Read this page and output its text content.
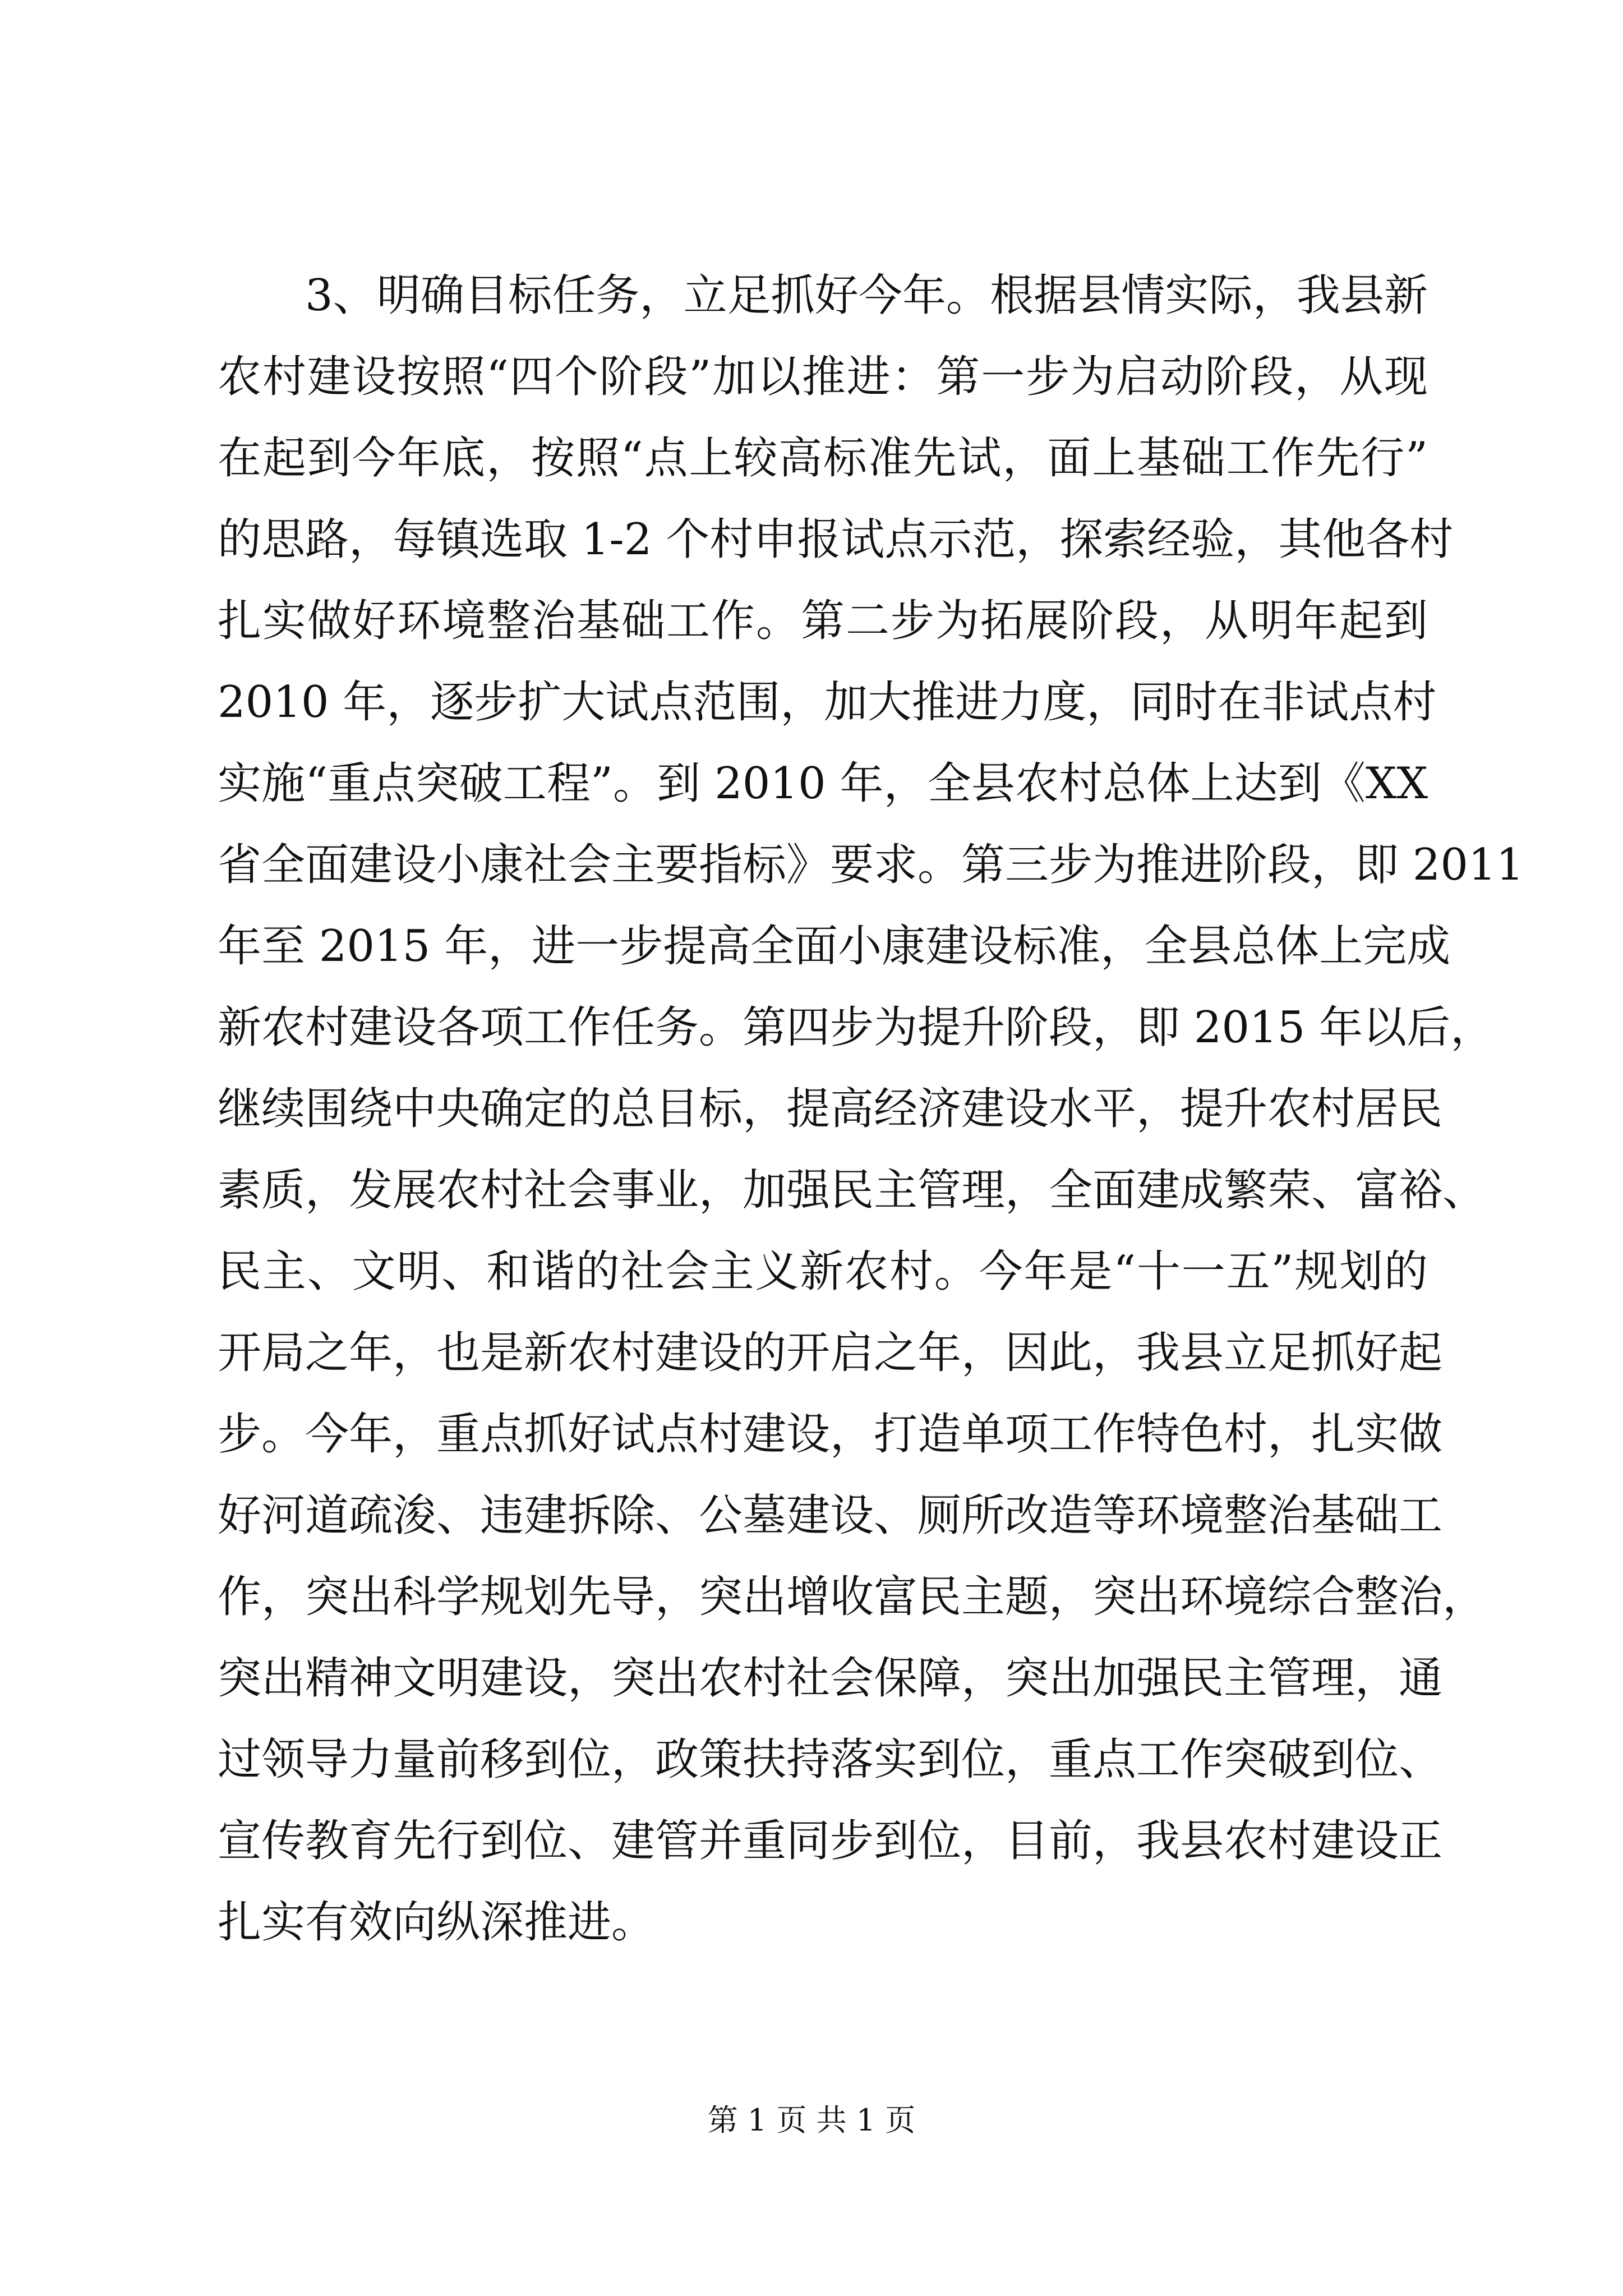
3、明确目标任务，立足抓好今年。根据县情实际，我县新
农村建设按照“四个阶段”加以推进：第一步为启动阶段，从现
在起到今年底，按照“点上较高标准先试，面上基础工作先行”
的思路，每镇选取 1-2 个村申报试点示范，探索经验，其他各村
扎实做好环境整治基础工作。第二步为拓展阶段，从明年起到
2010 年，逐步扩大试点范围，加大推进力度，同时在非试点村
实施“重点突破工程”。到 2010 年，全县农村总体上达到《XX
省全面建设小康社会主要指标》要求。第三步为推进阶段，即 2011
年至 2015 年，进一步提高全面小康建设标准，全县总体上完成
新农村建设各项工作任务。第四步为提升阶段，即 2015 年以后，
继续围绕中央确定的总目标，提高经济建设水平，提升农村居民
素质，发展农村社会事业，加强民主管理，全面建成繁荣、富裕、
民主、文明、和谐的社会主义新农村。今年是“十一五”规划的
开局之年，也是新农村建设的开启之年，因此，我县立足抓好起
步。今年，重点抓好试点村建设，打造单项工作特色村，扎实做
好河道疏浚、违建拆除、公墓建设、厕所改造等环境整治基础工
作，突出科学规划先导，突出增收富民主题，突出环境综合整治，
突出精神文明建设，突出农村社会保障，突出加强民主管理，通
过领导力量前移到位，政策扶持落实到位，重点工作突破到位、
宣传教育先行到位、建管并重同步到位，目前，我县农村建设正
扎实有效向纵深推进。
第 1 页 共 1 页
